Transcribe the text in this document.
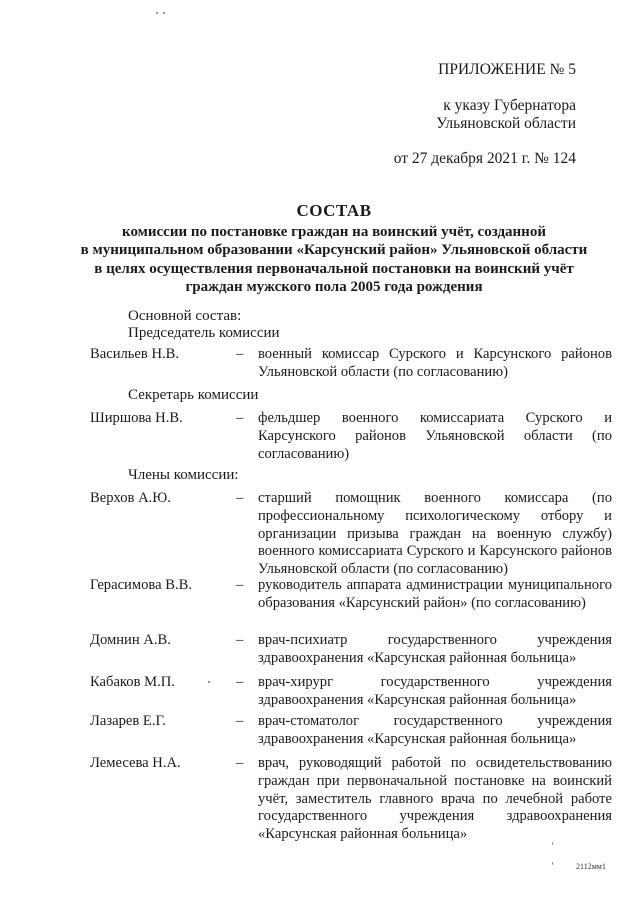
ПРИЛОЖЕНИЕ № 5
к указу Губернатора
Ульяновской области
от 27 декабря 2021 г. № 124
СОСТАВ
комиссии по постановке граждан на воинский учёт, созданной
в муниципальном образовании «Карсунский район» Ульяновской области
в целях осуществления первоначальной постановки на воинский учёт
граждан мужского пола 2005 года рождения
Основной состав:
Председатель комиссии
Васильев Н.В.	– военный комиссар Сурского и Карсунского районов Ульяновской области (по согласованию)
Секретарь комиссии
Ширшова Н.В.	– фельдшер военного комиссариата Сурского и Карсунского районов Ульяновской области (по согласованию)
Члены комиссии:
Верхов А.Ю.	– старший помощник военного комиссара (по профессиональному психологическому отбору и организации призыва граждан на военную службу) военного комиссариата Сурского и Карсунского районов Ульяновской области (по согласованию)
Герасимова В.В.	– руководитель аппарата администрации муниципального образования «Карсунский район» (по согласованию)
Домнин А.В.	– врач-психиатр государственного учреждения здравоохранения «Карсунская районная больница»
Кабаков М.П.	– врач-хирург государственного учреждения здравоохранения «Карсунская районная больница»
Лазарев Е.Г.	– врач-стоматолог государственного учреждения здравоохранения «Карсунская районная больница»
Лемесева Н.А.	– врач, руководящий работой по освидетельствованию граждан при первоначальной постановке на воинский учёт, заместитель главного врача по лечебной работе государственного учреждения здравоохранения «Карсунская районная больница»
2112мм1
